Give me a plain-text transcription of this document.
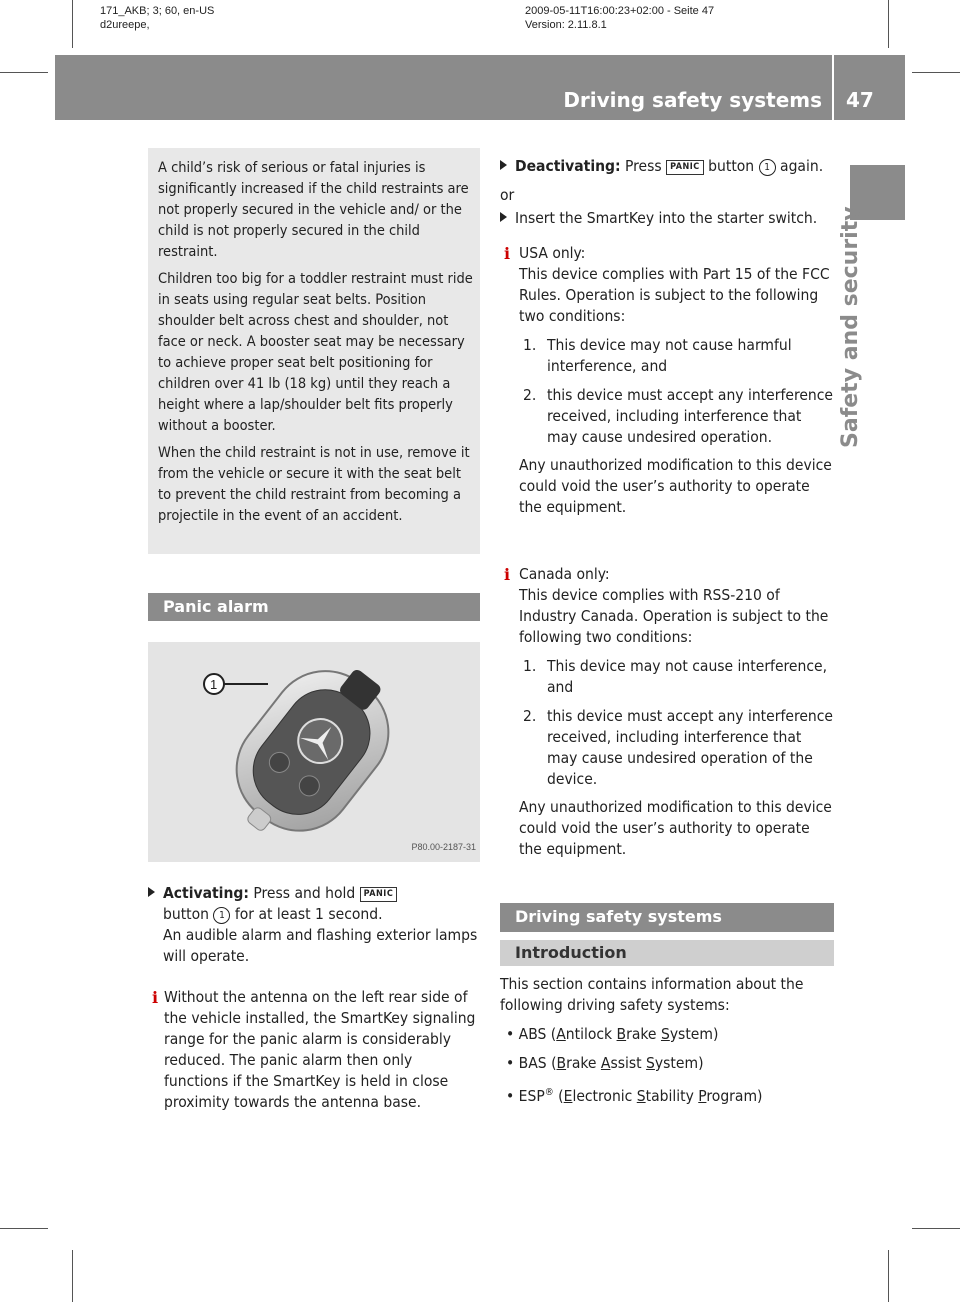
171_AKB; 3; 60, en-US
d2ureepe,
2009-05-11T16:00:23+02:00 - Seite 47
Version: 2.11.8.1
Driving safety systems 47
Safety and security

A child’s risk of serious or fatal injuries is significantly increased if the child restraints are not properly secured in the vehicle and/ or the child is not properly secured in the child restraint.

Children too big for a toddler restraint must ride in seats using regular seat belts. Position shoulder belt across chest and shoulder, not face or neck. A booster seat may be necessary to achieve proper seat belt positioning for children over 41 lb (18 kg) until they reach a height where a lap/shoulder belt fits properly without a booster.

When the child restraint is not in use, remove it from the vehicle or secure it with the seat belt to prevent the child restraint from becoming a projectile in the event of an accident.

Panic alarm
1
P80.00-2187-31
Activating: Press and hold PANIC
button 1 for at least 1 second.
An audible alarm and flashing exterior lamps will operate.
i Without the antenna on the left rear side of the vehicle installed, the SmartKey signaling range for the panic alarm is considerably reduced. The panic alarm then only functions if the SmartKey is held in close proximity towards the antenna base.
Deactivating: Press PANIC button 1 again.
or
Insert the SmartKey into the starter switch.
i USA only:
This device complies with Part 15 of the FCC Rules. Operation is subject to the following two conditions:
1. This device may not cause harmful interference, and
2. this device must accept any interference received, including interference that may cause undesired operation.
Any unauthorized modification to this device could void the user’s authority to operate the equipment.
i Canada only:
This device complies with RSS-210 of Industry Canada. Operation is subject to the following two conditions:
1. This device may not cause interference, and
2. this device must accept any interference received, including interference that may cause undesired operation of the device.
Any unauthorized modification to this device could void the user’s authority to operate the equipment.
Driving safety systems
Introduction
This section contains information about the following driving safety systems:
• ABS (Antilock Brake System)
• BAS (Brake Assist System)
• ESP® (Electronic Stability Program)
